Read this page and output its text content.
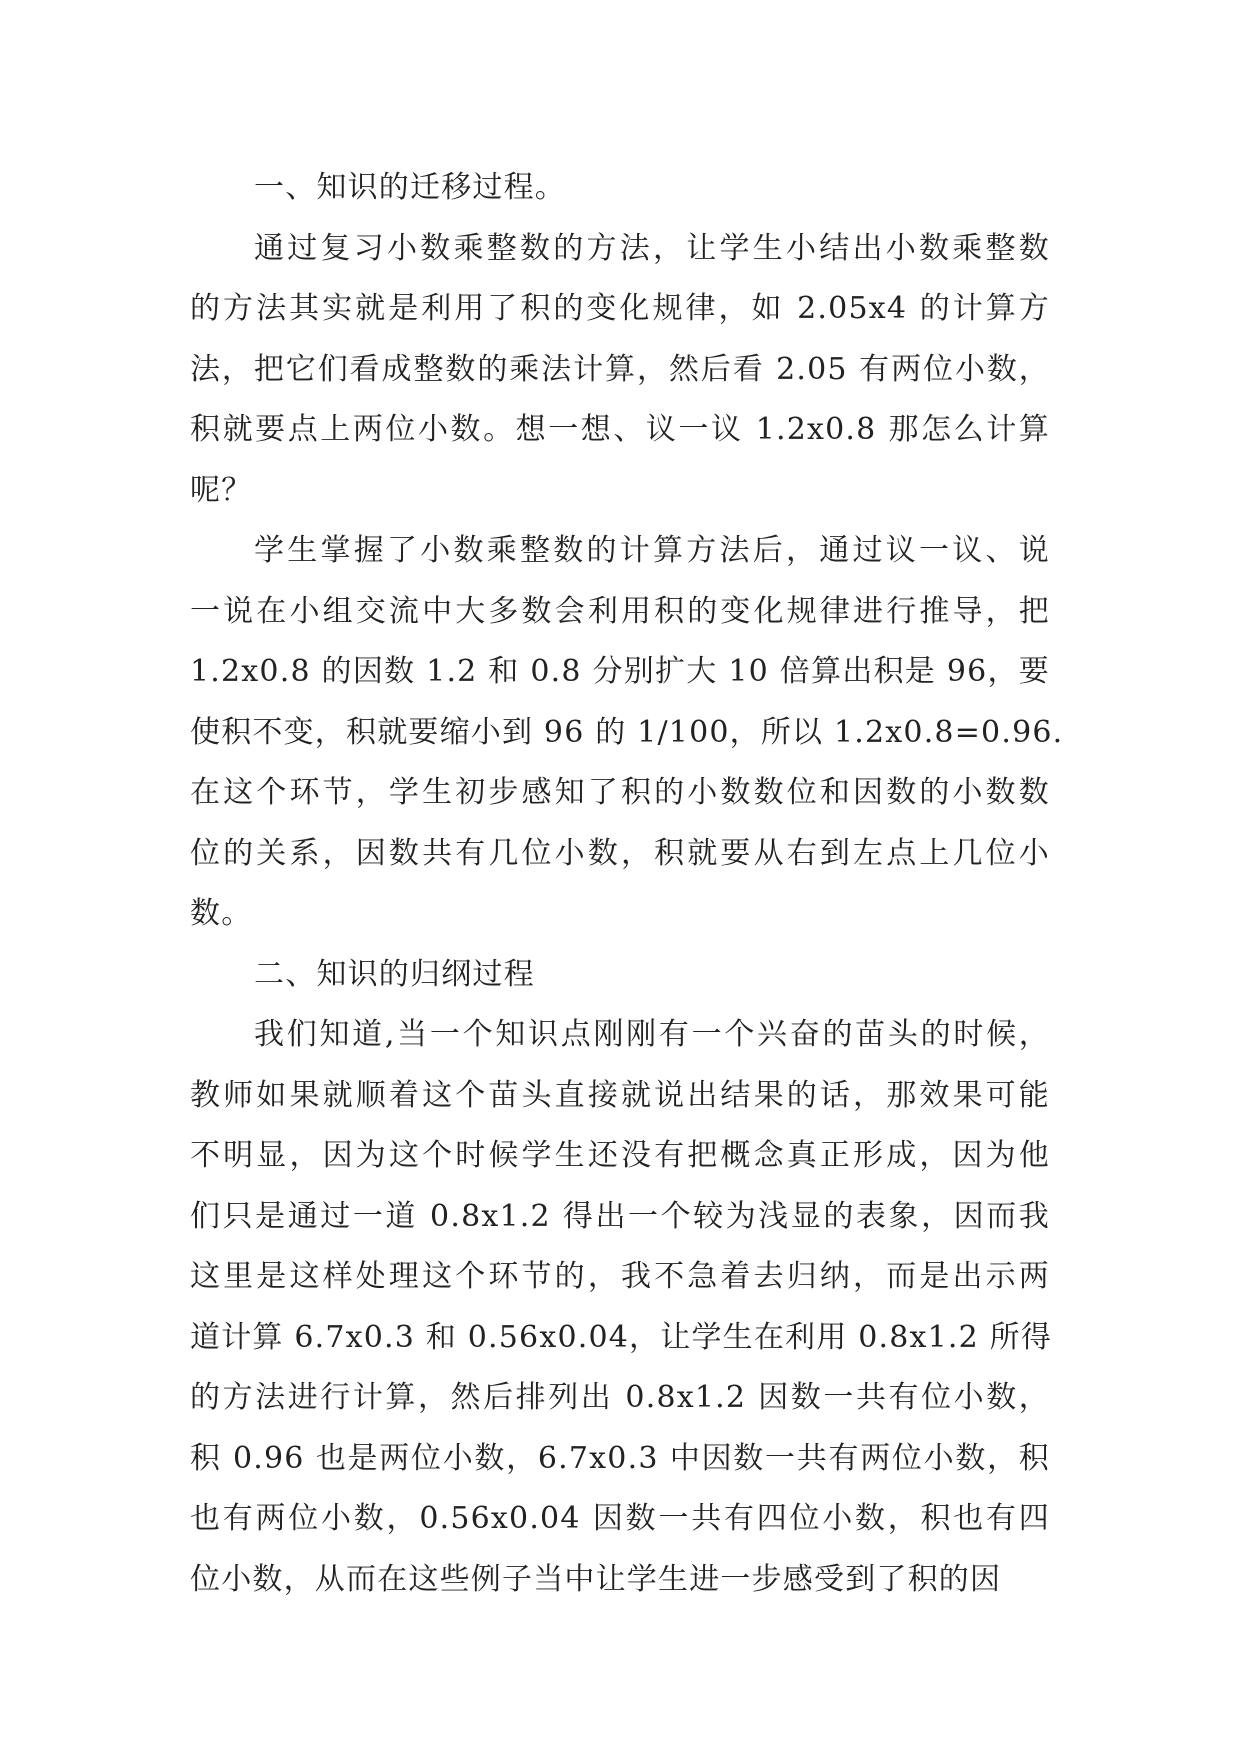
一、知识的迁移过程。
通过复习小数乘整数的方法，让学生小结出小数乘整数
的方法其实就是利用了积的变化规律，如 2.05x4 的计算方
法，把它们看成整数的乘法计算，然后看 2.05 有两位小数，
积就要点上两位小数。想一想、议一议 1.2x0.8 那怎么计算
呢？
学生掌握了小数乘整数的计算方法后，通过议一议、说
一说在小组交流中大多数会利用积的变化规律进行推导，把
1.2x0.8 的因数 1.2 和 0.8 分别扩大 10 倍算出积是 96，要
使积不变，积就要缩小到 96 的 1/100，所以 1.2x0.8=0.96.
在这个环节，学生初步感知了积的小数数位和因数的小数数
位的关系，因数共有几位小数，积就要从右到左点上几位小
数。
二、知识的归纲过程
我们知道,当一个知识点刚刚有一个兴奋的苗头的时候，
教师如果就顺着这个苗头直接就说出结果的话，那效果可能
不明显，因为这个时候学生还没有把概念真正形成，因为他
们只是通过一道 0.8x1.2 得出一个较为浅显的表象，因而我
这里是这样处理这个环节的，我不急着去归纳，而是出示两
道计算 6.7x0.3 和 0.56x0.04，让学生在利用 0.8x1.2 所得
的方法进行计算，然后排列出 0.8x1.2 因数一共有位小数，
积 0.96 也是两位小数，6.7x0.3 中因数一共有两位小数，积
也有两位小数，0.56x0.04 因数一共有四位小数，积也有四
位小数，从而在这些例子当中让学生进一步感受到了积的因
